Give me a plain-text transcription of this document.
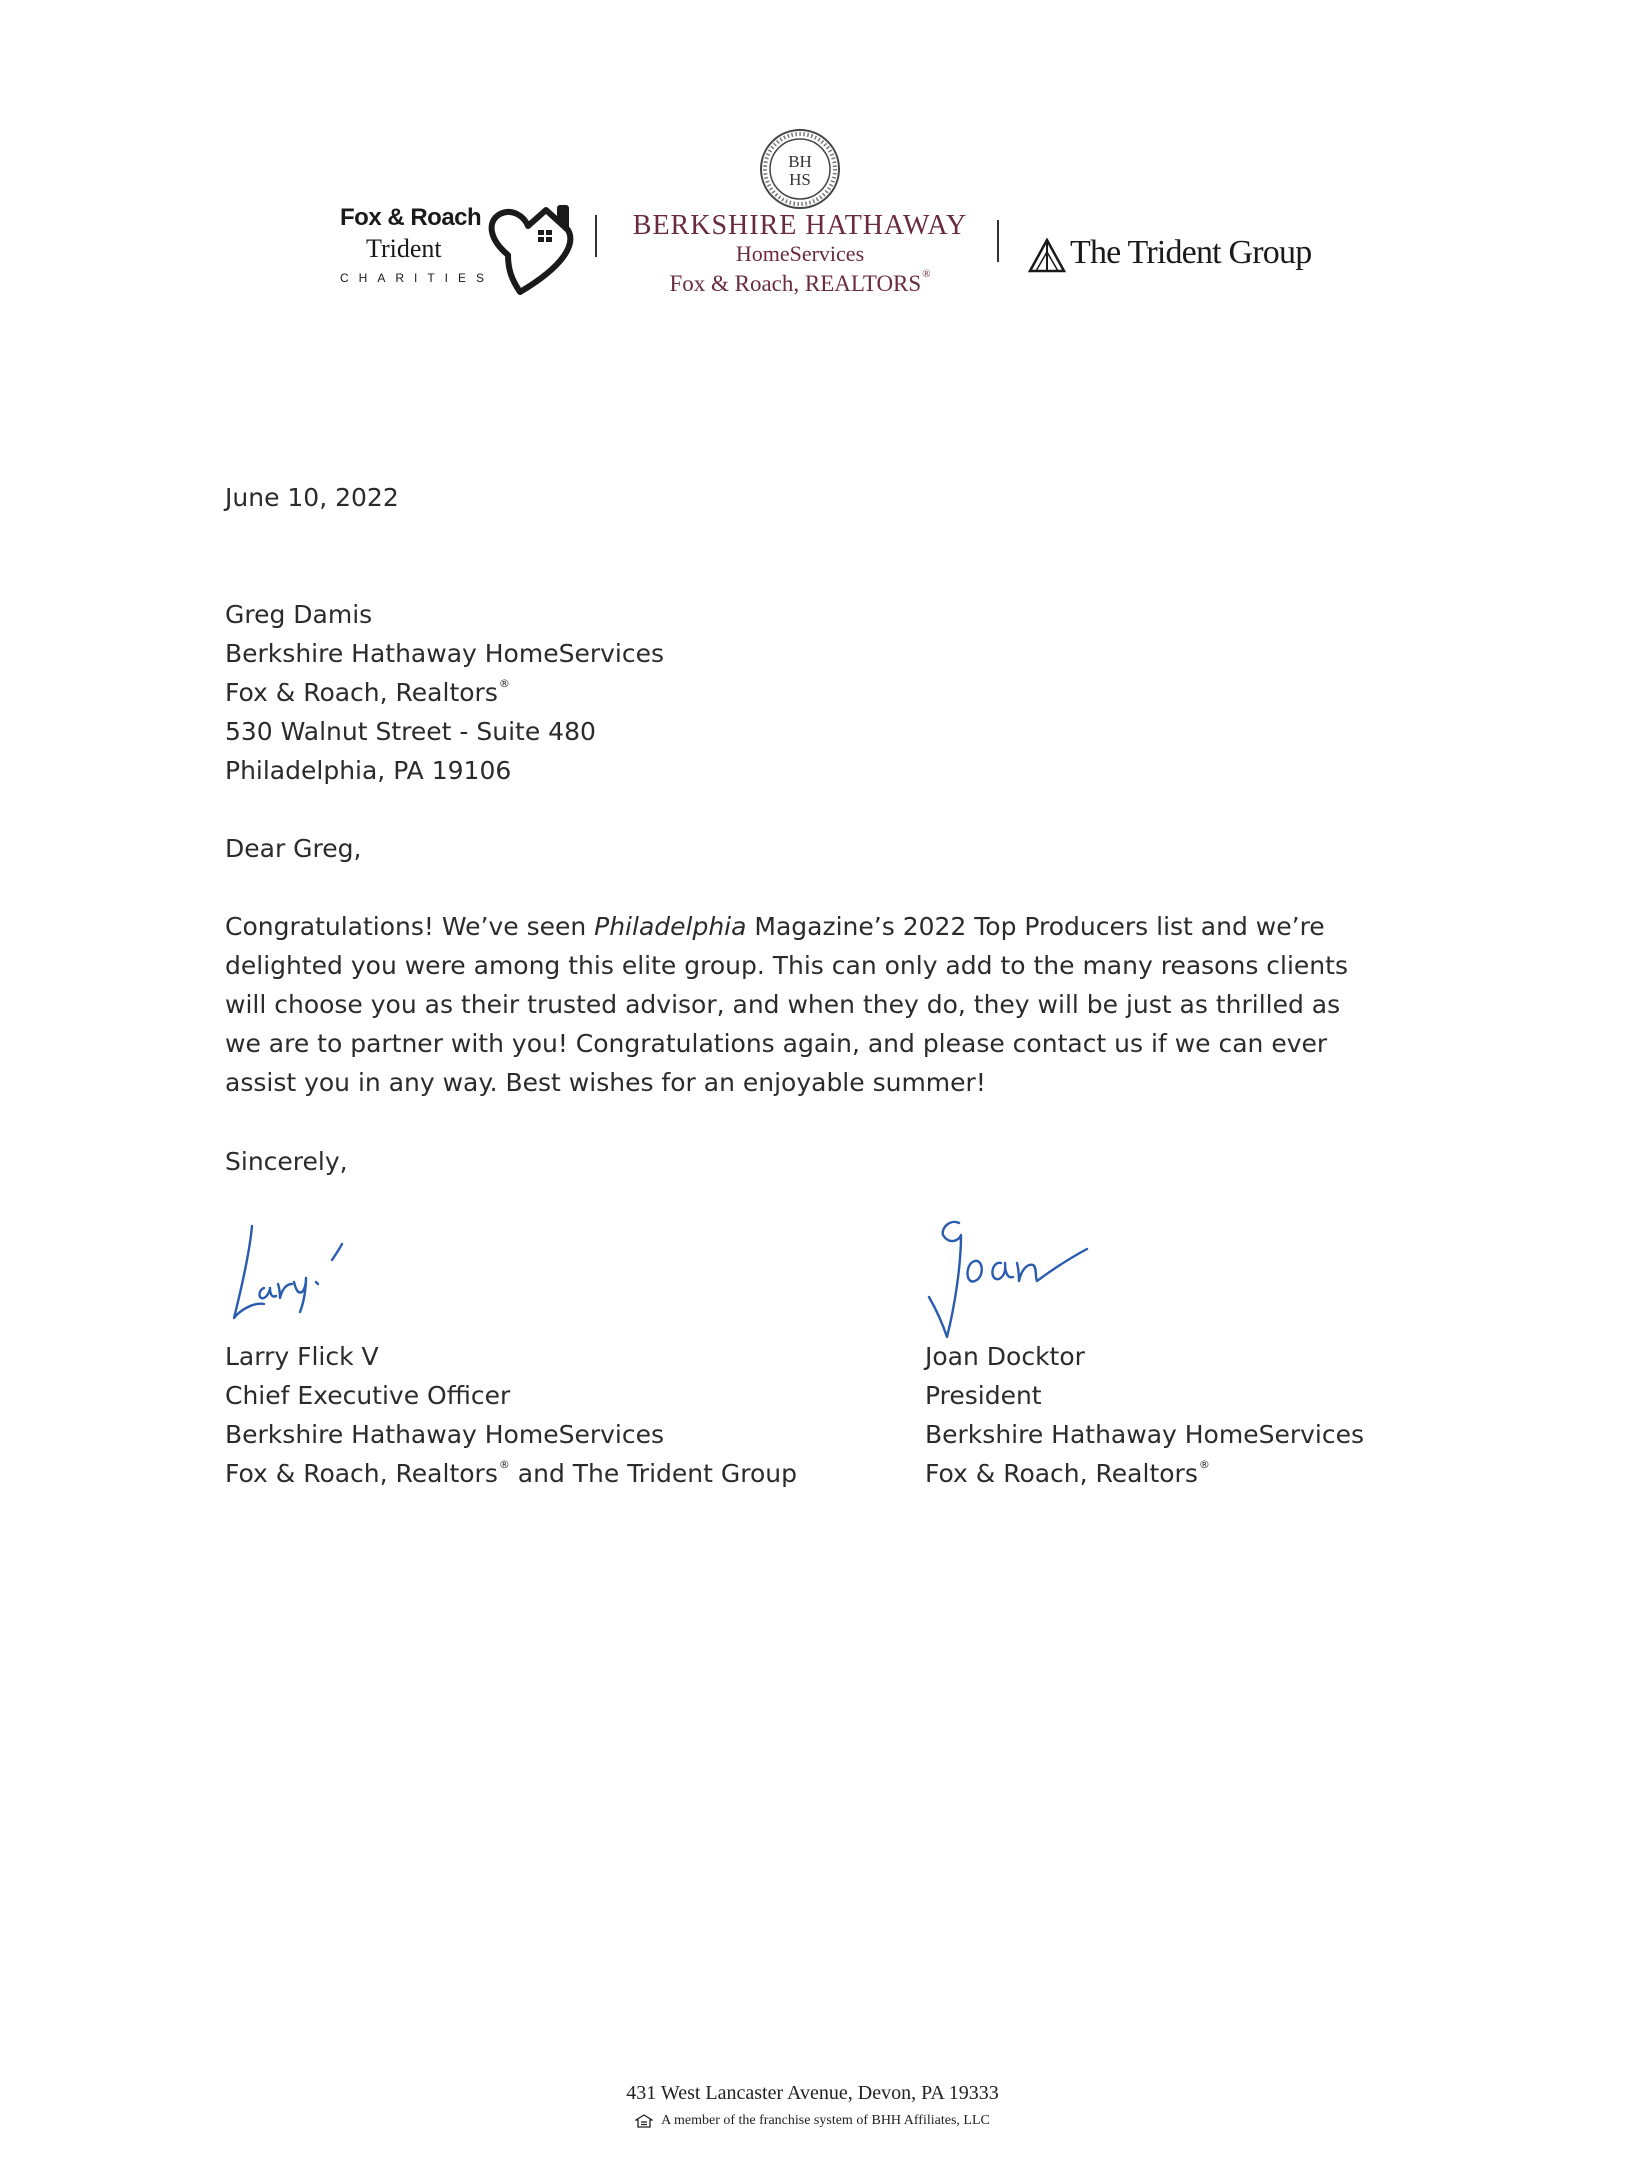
Fox & Roach
Trident
CHARITIES
BH
HS
BERKSHIRE HATHAWAY
HomeServices
Fox & Roach, REALTORS®
The Trident Group
June 10, 2022
Greg Damis
Berkshire Hathaway HomeServices
Fox & Roach, Realtors®
530 Walnut Street - Suite 480
Philadelphia, PA 19106
Dear Greg,
Congratulations! We’ve seen Philadelphia Magazine’s 2022 Top Producers list and we’re
delighted you were among this elite group. This can only add to the many reasons clients
will choose you as their trusted advisor, and when they do, they will be just as thrilled as
we are to partner with you! Congratulations again, and please contact us if we can ever
assist you in any way. Best wishes for an enjoyable summer!
Sincerely,
Larry Flick V
Chief Executive Officer
Berkshire Hathaway HomeServices
Fox & Roach, Realtors® and The Trident Group
Joan Docktor
President
Berkshire Hathaway HomeServices
Fox & Roach, Realtors®
431 West Lancaster Avenue, Devon, PA 19333
A member of the franchise system of BHH Affiliates, LLC
